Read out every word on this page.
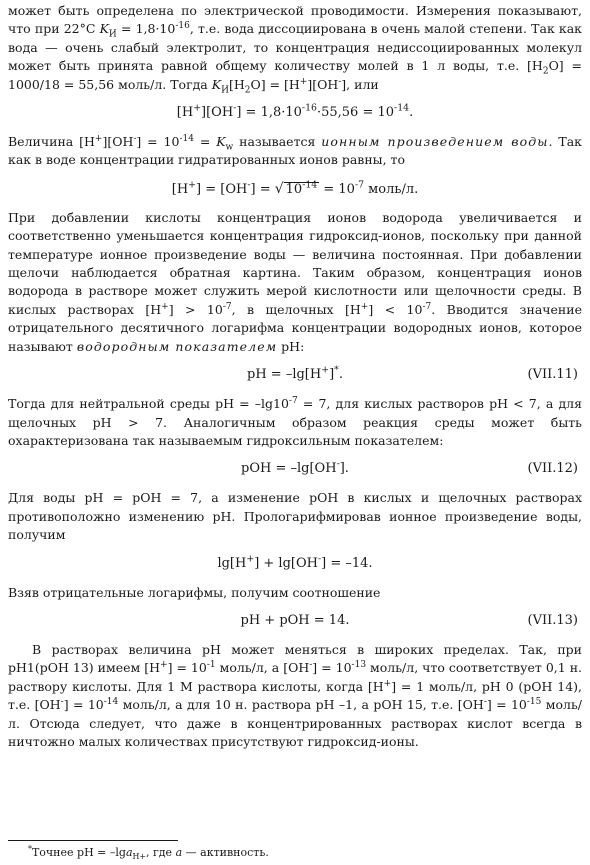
может быть определена по электрической проводимости. Измерения показывают, что при 22°С $K_И = 1,8\cdot 10^{-16}$, т.е. вода диссоциирована в очень малой степени. Так как вода — очень слабый электролит, то концентрация недиссоциированных молекул может быть принята равной общему количеству молей в 1 л воды, т.е. $[H_2O] = 1000/18 = 55,56$ моль/л. Тогда $K_И[H_2O] = [H^+][OH^-]$, или

$[H^+][OH^-] = 1,8\cdot 10^{-16}\cdot 55,56 = 10^{-14}$.

Величина $[H^+][OH^-] = 10^{-14} = K_w$ называется ионным произведением воды. Так как в воде концентрации гидратированных ионов равны, то

[H+] = [OH-] = √ $10^{-14} = 10^{-7}$ моль/л.

При добавлении кислоты концентрация ионов водорода увеличивается и соответственно уменьшается концентрация гидроксид-ионов, поскольку при данной температуре ионное произведение воды — величина постоянная. При добавлении щелочи наблюдается обратная картина. Таким образом, концентрация ионов водорода в растворе может служить мерой кислотности или щелочности среды. В кислых растворах $[H^+] > 10^{-7}$, в щелочных $[H^+] < 10^{-7}$. Вводится значение отрицательного десятичного логарифма концентрации водородных ионов, которое называют водородным показателем pH:

pH = –lg[H+]*.	(VII.11)

Тогда для нейтральной среды pH = $-\lg 10^{-7} = 7$, для кислых растворов pH < 7, а для щелочных pH > 7. Аналогичным образом реакция среды может быть охарактеризована так называемым гидроксильным показателем:

pOH = –lg[OH-].	(VII.12)

Для воды pH = pOH = 7, а изменение pOH в кислых и щелочных растворах противоположно изменению pH. Прологарифмировав ионное произведение воды, получим

lg[H+] + lg[OH-] = –14.

Взяв отрицательные логарифмы, получим соотношение

pH + pOH = 14.	(VII.13)

В растворах величина pH может меняться в широких пределах. Так, при pH1(pOH 13) имеем $[H^+] = 10^{-1}$ моль/л, а $[OH^-] = 10^{-13}$ моль/л, что соответствует 0,1 н. раствору кислоты. Для 1 М раствора кислоты, когда [H+] = 1 моль/л, pH 0 (pOH 14), т.е. $[OH^-] = 10^{-14}$ моль/л, а для 10 н. раствора pH –1, а pOH 15, т.е. $[OH^-] = 10^{-15}$ моль/л. Отсюда следует, что даже в концентрированных растворах кислот всегда в ничтожно малых количествах присутствуют гидроксид-ионы.

*Точнее pH = –lga$_{H+}$, где a — активность.
